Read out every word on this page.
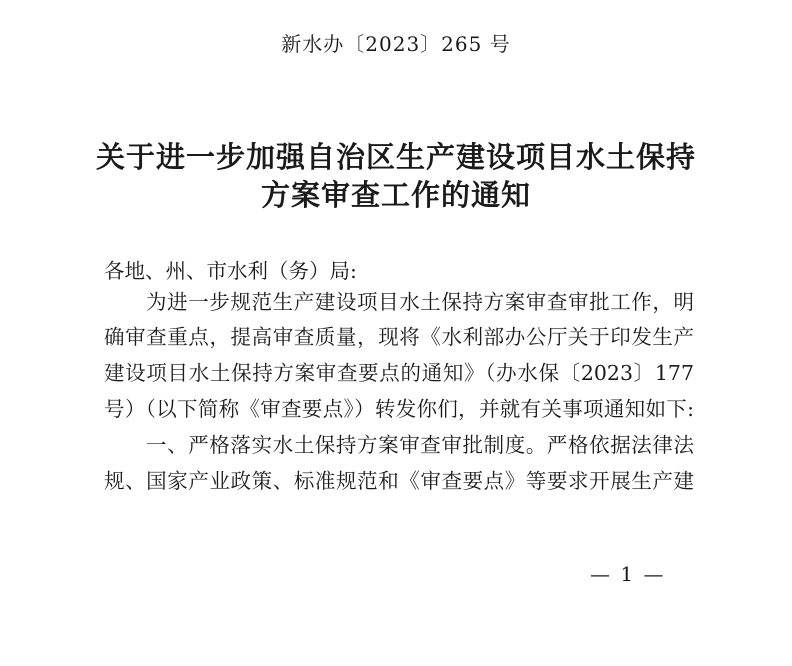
新水办〔2023〕265 号
关于进一步加强自治区生产建设项目水土保持
方案审查工作的通知
各地、州、市水利（务）局:
为进一步规范生产建设项目水土保持方案审查审批工作，明
确审查重点，提高审查质量，现将《水利部办公厅关于印发生产
建设项目水土保持方案审查要点的通知》（办水保〔2023〕177
号）（以下简称《审查要点》）转发你们，并就有关事项通知如下:
一、严格落实水土保持方案审查审批制度。严格依据法律法
规、国家产业政策、标准规范和《审查要点》等要求开展生产建
— 1 —
